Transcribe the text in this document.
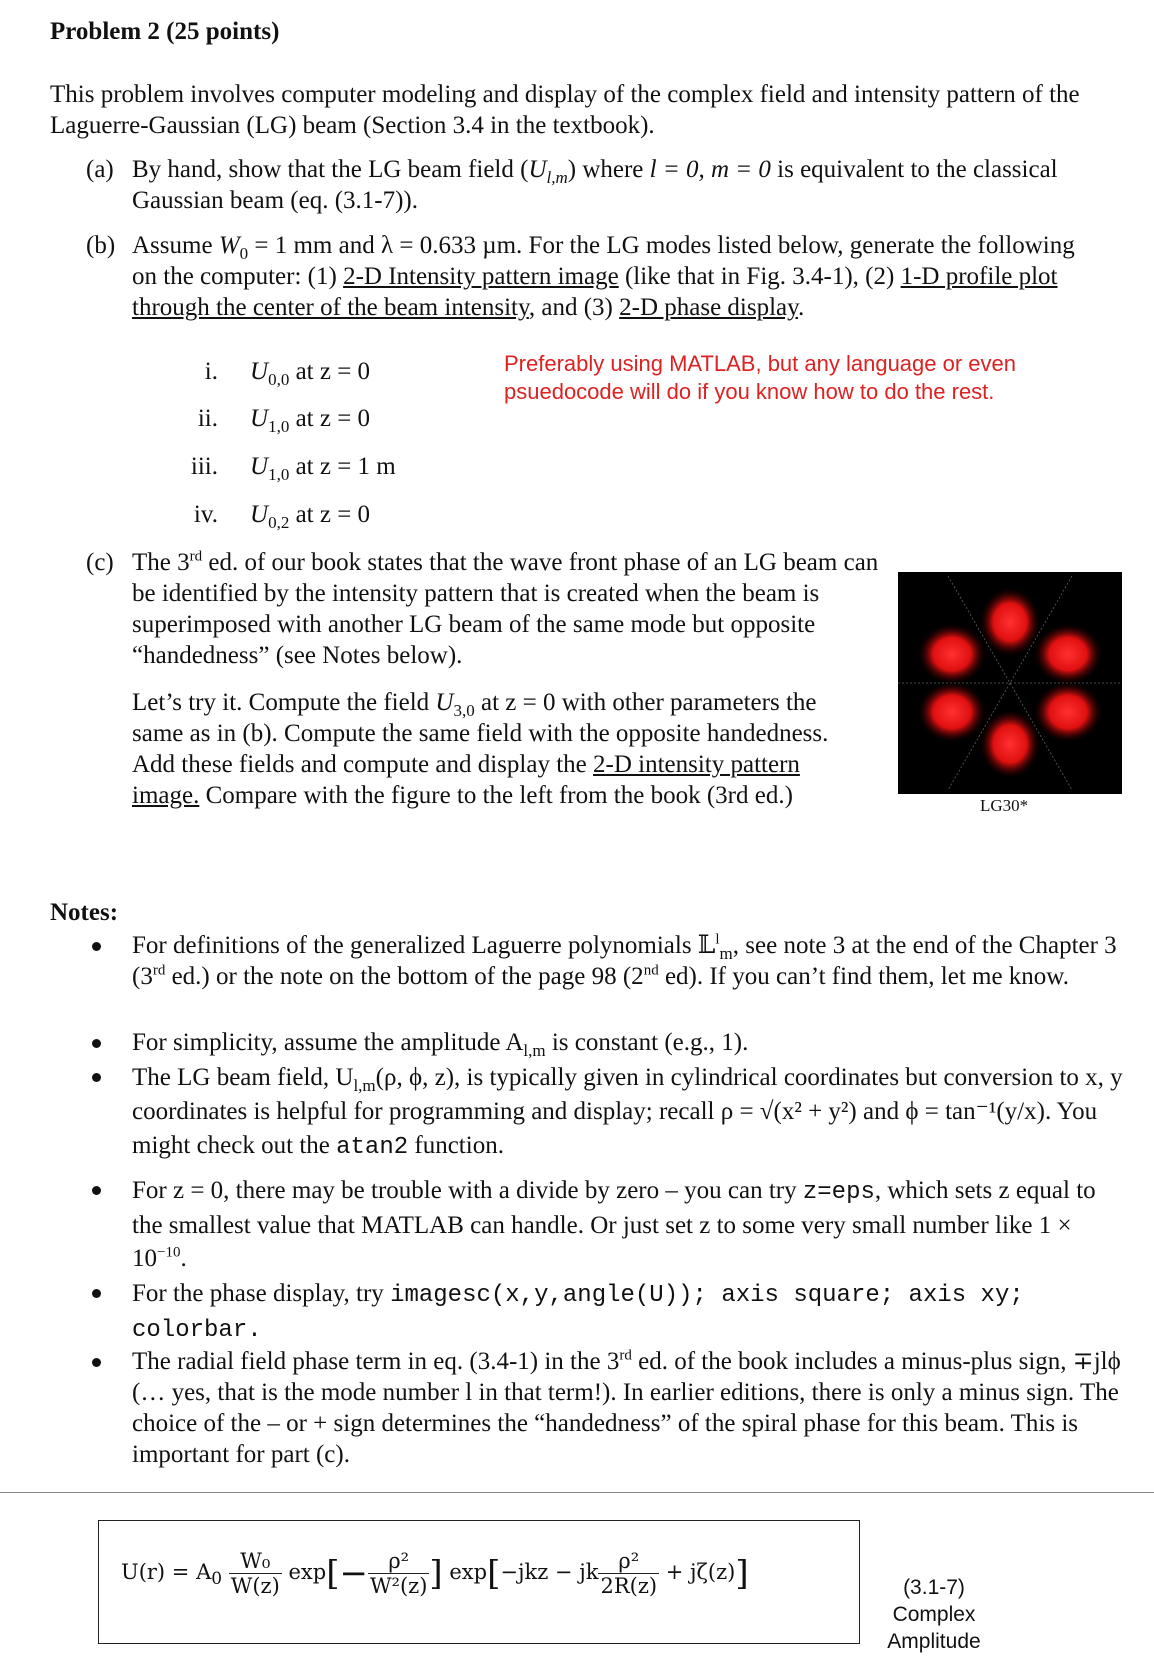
Problem 2 (25 points)
This problem involves computer modeling and display of the complex field and intensity pattern of the Laguerre-Gaussian (LG) beam (Section 3.4 in the textbook).
(a) By hand, show that the LG beam field $(U_{l,m})$ where l = 0, m = 0 is equivalent to the classical Gaussian beam (eq. (3.1-7)).
(b) Assume $W_0 = 1$ mm and λ = 0.633 µm. For the LG modes listed below, generate the following on the computer: (1) 2-D Intensity pattern image (like that in Fig. 3.4-1), (2) 1-D profile plot through the center of the beam intensity, and (3) 2-D phase display.
i. $U_{0,0}$ at z = 0
ii. $U_{1,0}$ at z = 0
iii. $U_{1,0}$ at z = 1 m
iv. $U_{0,2}$ at z = 0
Preferably using MATLAB, but any language or even
psuedocode will do if you know how to do the rest.
(c) The 3rd ed. of our book states that the wave front phase of an LG beam can be identified by the intensity pattern that is created when the beam is superimposed with another LG beam of the same mode but opposite “handedness” (see Notes below).
Let’s try it. Compute the field $U_{3,0}$ at z = 0 with other parameters the same as in (b). Compute the same field with the opposite handedness. Add these fields and compute and display the 2-D intensity pattern image. Compare with the figure to the left from the book (3rd ed.)	LG30*
Notes:
For definitions of the generalized Laguerre polynomials 𝕃$^l_m$, see note 3 at the end of the Chapter 3 (3rd ed.) or the note on the bottom of the page 98 (2nd ed). If you can’t find them, let me know.
For simplicity, assume the amplitude $A_{l,m}$ is constant (e.g., 1).
The LG beam field, $U_{l,m}(\rho$, ϕ, z), is typically given in cylindrical coordinates but conversion to x, y coordinates is helpful for programming and display; recall ρ = √(x² + y²) and ϕ = tan⁻¹(y/x). You might check out the atan2 function.
For z = 0, there may be trouble with a divide by zero – you can try z=eps, which sets z equal to the smallest value that MATLAB can handle. Or just set z to some very small number like $1 \times 10^{-10}$.
For the phase display, try imagesc(x,y,angle(U)); axis square; axis xy; colorbar.
The radial field phase term in eq. (3.4-1) in the 3rd ed. of the book includes a minus-plus sign, ∓jlϕ (… yes, that is the mode number l in that term!). In earlier editions, there is only a minus sign. The choice of the – or + sign determines the “handedness” of the spiral phase for this beam. This is important for part (c).
$U(r) = A_0 \frac{\text{W₀}}{W(z)} \exp[- \frac{\text{ρ²}}{\text{W²(z)}}$ ] exp[−jkz − jk $\frac{\text{ρ²}}{2R(z)} + j\zeta(z)$]	(3.1-7)
Complex
Amplitude
